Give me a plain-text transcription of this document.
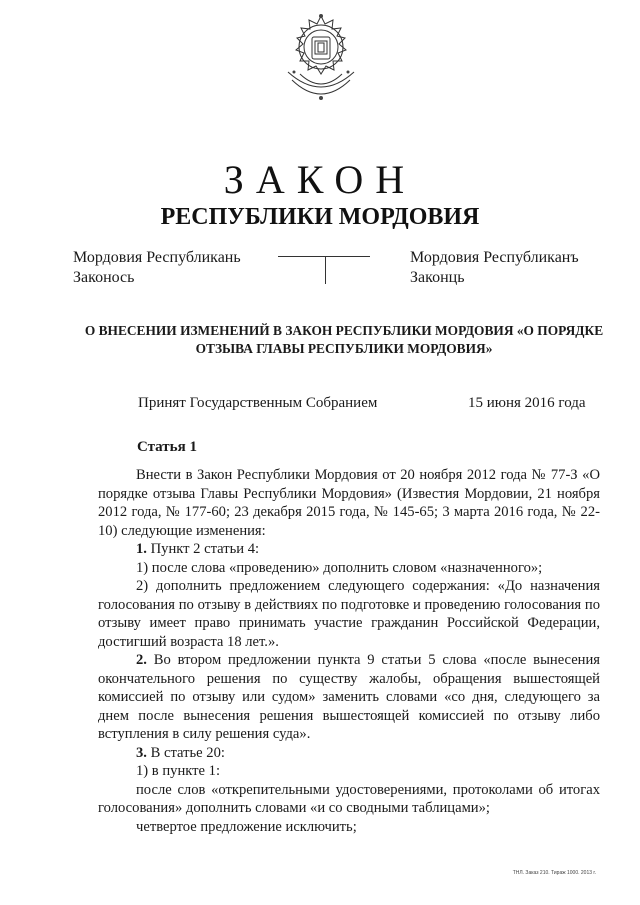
ЗАКОН
РЕСПУБЛИКИ МОРДОВИЯ
Мордовия Республикань
Законось
Мордовия Республиканъ
Законць
О ВНЕСЕНИИ ИЗМЕНЕНИЙ В ЗАКОН РЕСПУБЛИКИ МОРДОВИЯ «О ПОРЯДКЕ
ОТЗЫВА ГЛАВЫ РЕСПУБЛИКИ МОРДОВИЯ»
Принят Государственным Собранием	15 июня 2016 года
Статья 1

Внести в Закон Республики Мордовия от 20 ноября 2012 года № 77-З «О порядке отзыва Главы Республики Мордовия» (Известия Мордовии, 21 ноября 2012 года, № 177-60; 23 декабря 2015 года, № 145-65; 3 марта 2016 года, № 22-10) следующие изменения:

1. Пункт 2 статьи 4:

1) после слова «проведению» дополнить словом «назначенного»;

2) дополнить предложением следующего содержания: «До назначения голосования по отзыву в действиях по подготовке и проведению голосования по отзыву имеет право принимать участие гражданин Российской Федерации, достигший возраста 18 лет.».

2. Во втором предложении пункта 9 статьи 5 слова «после вынесения окончательного решения по существу жалобы, обращения вышестоящей комиссией по отзыву или судом» заменить словами «со дня, следующего за днем после вынесения решения вышестоящей комиссией по отзыву либо вступления в силу решения суда».

3. В статье 20:

1) в пункте 1:

после слов «открепительными удостоверениями, протоколами об итогах голосования» дополнить словами «и со сводными таблицами»;

четвертое предложение исключить;

ТНЛ. Заказ 210. Тираж 1000. 2013 г.
